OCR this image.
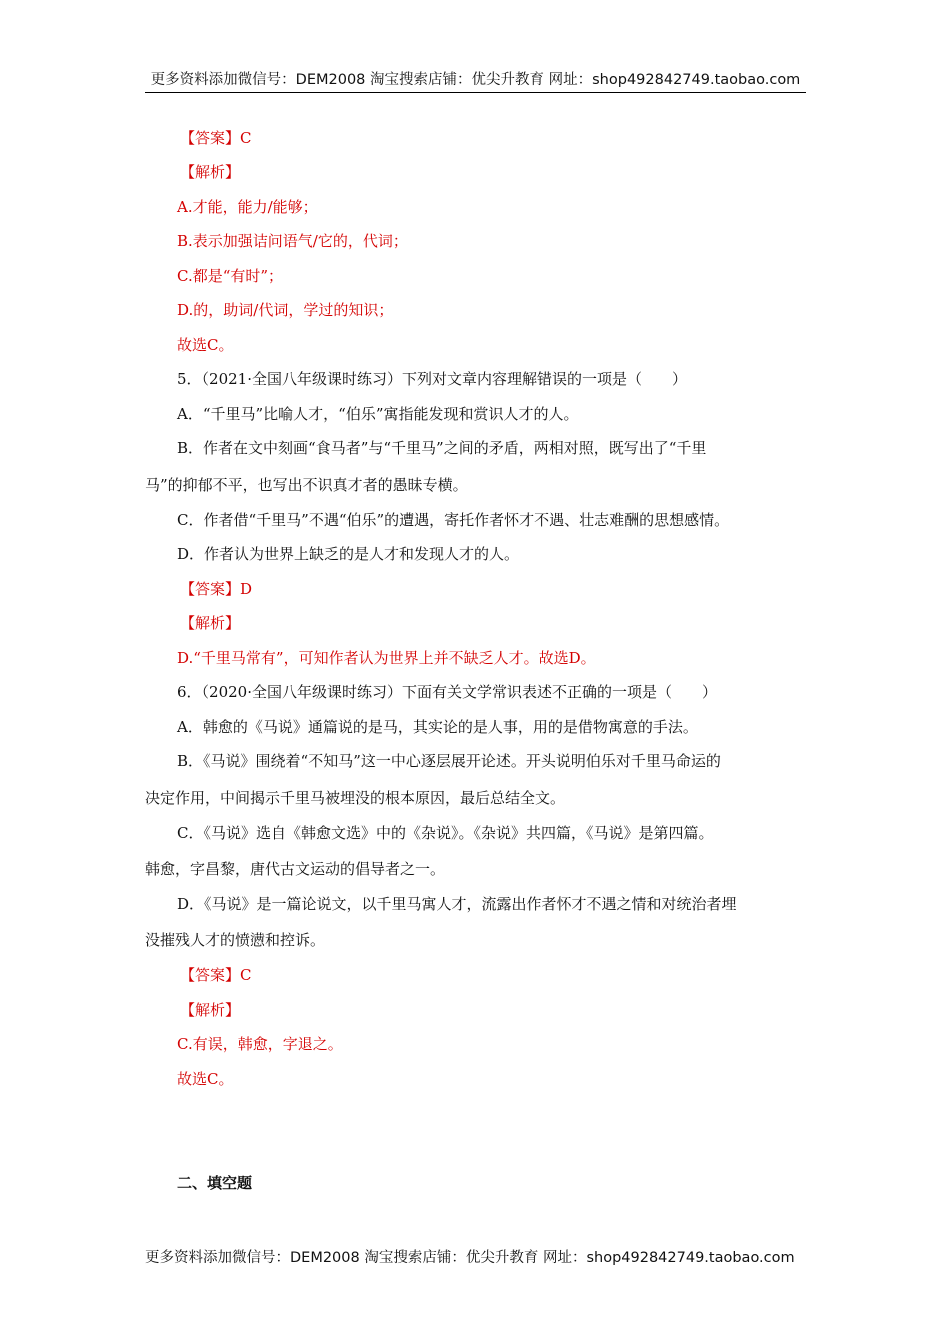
更多资料添加微信号：DEM2008 淘宝搜索店铺：优尖升教育 网址：shop492842749.taobao.com
【答案】C
【解析】
A.才能，能力/能够；
B.表示加强诘问语气/它的，代词；
C.都是“有时”；
D.的，助词/代词，学过的知识；
故选C。
5．（2021·全国八年级课时练习）下列对文章内容理解错误的一项是（　　）
A．“千里马”比喻人才，“伯乐”寓指能发现和赏识人才的人。
B．作者在文中刻画“食马者”与“千里马”之间的矛盾，两相对照，既写出了“千里
马”的抑郁不平，也写出不识真才者的愚昧专横。
C．作者借“千里马”不遇“伯乐”的遭遇，寄托作者怀才不遇、壮志难酬的思想感情。
D．作者认为世界上缺乏的是人才和发现人才的人。
【答案】D
【解析】
D.“千里马常有”，可知作者认为世界上并不缺乏人才。故选D。
6．（2020·全国八年级课时练习）下面有关文学常识表述不正确的一项是（　　）
A．韩愈的《马说》通篇说的是马，其实论的是人事，用的是借物寓意的手法。
B．《马说》围绕着“不知马”这一中心逐层展开论述。开头说明伯乐对千里马命运的
决定作用，中间揭示千里马被埋没的根本原因，最后总结全文。
C．《马说》选自《韩愈文选》中的《杂说》。《杂说》共四篇，《马说》是第四篇。
韩愈，字昌黎，唐代古文运动的倡导者之一。
D．《马说》是一篇论说文，以千里马寓人才，流露出作者怀才不遇之情和对统治者埋
没摧残人才的愤懑和控诉。
【答案】C
【解析】
C.有误，韩愈，字退之。
故选C。
二、填空题
更多资料添加微信号：DEM2008 淘宝搜索店铺：优尖升教育 网址：shop492842749.taobao.com
